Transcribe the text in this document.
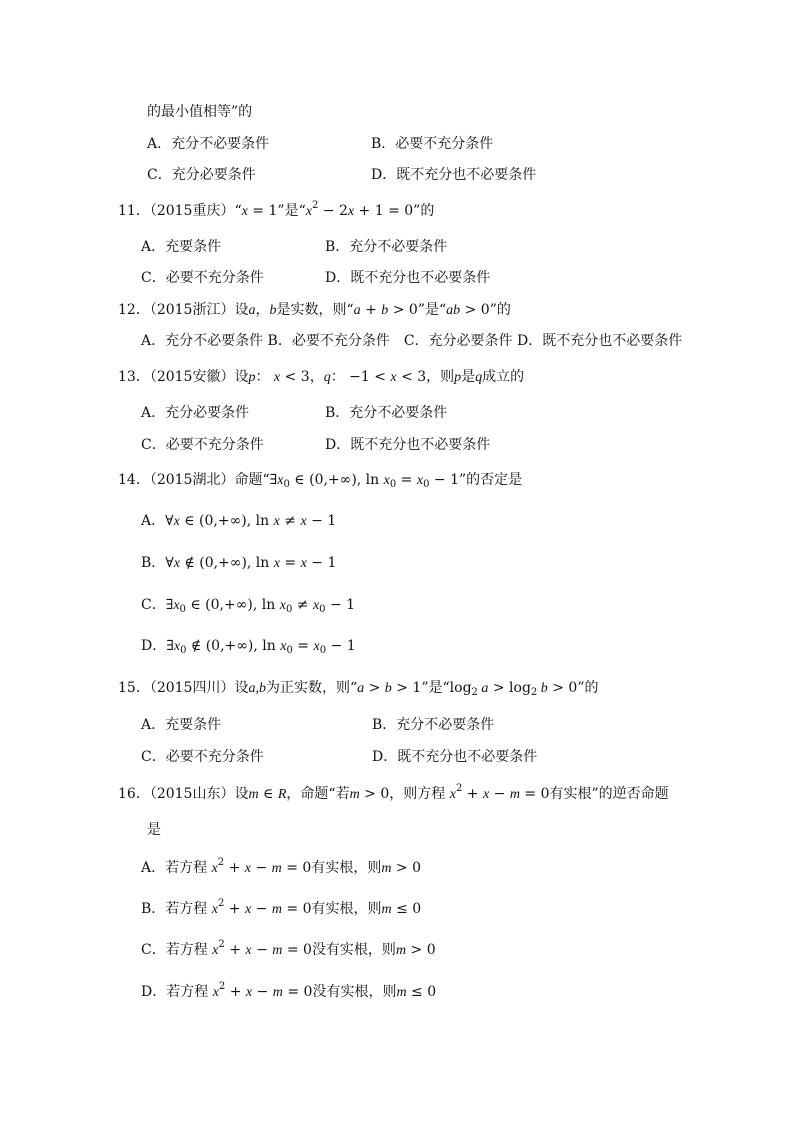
的最小值相等”的
A．充分不必要条件	B．必要不充分条件
C．充分必要条件	D．既不充分也不必要条件
11．（2015重庆）“x = 1”是“$x^2 - 2x + 1 = 0$”的
A．充要条件	B．充分不必要条件
C．必要不充分条件	D．既不充分也不必要条件
12．（2015浙江）设a，b是实数，则“a + b > 0”是“ab > 0”的
A．充分不必要条件 B．必要不充分条件　C．充分必要条件 D．既不充分也不必要条件
13．（2015安徽）设p： x < 3，q： −1 < x < 3，则p是q成立的
A．充分必要条件	B．充分不必要条件
C．必要不充分条件	D．既不充分也不必要条件
14．（2015湖北）命题“$\exists x_0$ ∈ (0,+∞), $\ln x_0 = x_0 - 1$”的否定是
A．∀x ∈ (0,+∞), ln x ≠ x − 1
B．∀x ∉ (0,+∞), ln x = x − 1
C．$\exists x_0$ ∈ (0,+∞), $\ln x_0 \ne x_0 - 1$
D．$\exists x_0$ ∉ (0,+∞), $\ln x_0 = x_0 - 1$
15．（2015四川）设a,b为正实数，则“a > b > 1”是“$\log_2$ $a > \log_2 b > 0$”的
A．充要条件	B．充分不必要条件
C．必要不充分条件	D．既不充分也不必要条件
16．（2015山东）设m ∈ R，命题“若m > 0，则方程 $x^2 + x - m = 0$有实根”的逆否命题
是
A．若方程 $x^2 + x - m = 0$有实根，则m > 0
B．若方程 $x^2 + x - m = 0$有实根，则m ≤ 0
C．若方程 $x^2 + x - m = 0$没有实根，则m > 0
D．若方程 $x^2 + x - m = 0$没有实根，则m ≤ 0
